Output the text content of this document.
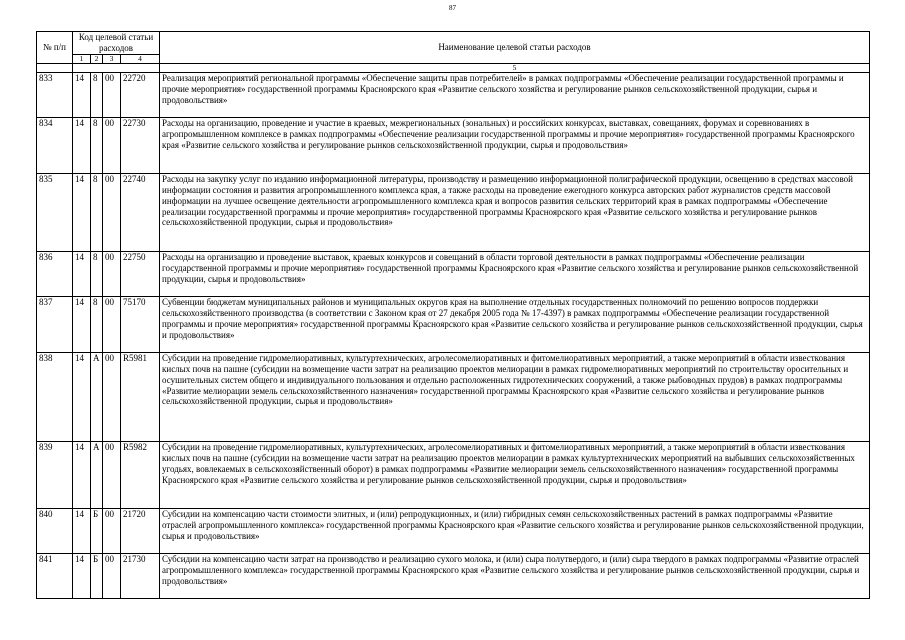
87
№ п/п	Код целевой статьи расходов				Наименование целевой статьи расходов
	1	2	3	4	
					5
833	14	8	00	22720	Реализация мероприятий региональной программы «Обеспечение защиты прав потребителей» в рамках подпрограммы «Обеспечение реализации государственной программы и прочие мероприятия» государственной программы Красноярского края «Развитие сельского хозяйства и регулирование рынков сельскохозяйственной продукции, сырья и продовольствия»
834	14	8	00	22730	Расходы на организацию, проведение и участие в краевых, межрегиональных (зональных) и российских конкурсах, выставках, совещаниях, форумах и соревнованиях в агропромышленном комплексе в рамках подпрограммы «Обеспечение реализации государственной программы и прочие мероприятия» государственной программы Красноярского края «Развитие сельского хозяйства и регулирование рынков сельскохозяйственной продукции, сырья и продовольствия»
835	14	8	00	22740	Расходы на закупку услуг по изданию информационной литературы, производству и размещению информационной полиграфической продукции, освещению в средствах массовой информации состояния и развития агропромышленного комплекса края, а также расходы на проведение ежегодного конкурса авторских работ журналистов средств массовой информации на лучшее освещение деятельности агропромышленного комплекса края и вопросов развития сельских территорий края в рамках подпрограммы «Обеспечение реализации государственной программы и прочие мероприятия» государственной программы Красноярского края «Развитие сельского хозяйства и регулирование рынков сельскохозяйственной продукции, сырья и продовольствия»
836	14	8	00	22750	Расходы на организацию и проведение выставок, краевых конкурсов и совещаний в области торговой деятельности в рамках подпрограммы «Обеспечение реализации государственной программы и прочие мероприятия» государственной программы Красноярского края «Развитие сельского хозяйства и регулирование рынков сельскохозяйственной продукции, сырья и продовольствия»
837	14	8	00	75170	Субвенции бюджетам муниципальных районов и муниципальных округов края на выполнение отдельных государственных полномочий по решению вопросов поддержки сельскохозяйственного производства (в соответствии с Законом края от 27 декабря 2005 года № 17-4397) в рамках подпрограммы «Обеспечение реализации государственной программы и прочие мероприятия» государственной программы Красноярского края «Развитие сельского хозяйства и регулирование рынков сельскохозяйственной продукции, сырья и продовольствия»
838	14	А	00	R5981	Субсидии на проведение гидромелиоративных, культуртехнических, агролесомелиоративных и фитомелиоративных мероприятий, а также мероприятий в области известкования кислых почв на пашне (субсидии на возмещение части затрат на реализацию проектов мелиорации в рамках гидромелиоративных мероприятий по строительству оросительных и осушительных систем общего и индивидуального пользования и отдельно расположенных гидротехнических сооружений, а также рыбоводных прудов) в рамках подпрограммы «Развитие мелиорации земель сельскохозяйственного назначения» государственной программы Красноярского края «Развитие сельского хозяйства и регулирование рынков сельскохозяйственной продукции, сырья и продовольствия»
839	14	А	00	R5982	Субсидии на проведение гидромелиоративных, культуртехнических, агролесомелиоративных и фитомелиоративных мероприятий, а также мероприятий в области известкования кислых почв на пашне (субсидии на возмещение части затрат на реализацию проектов мелиорации в рамках культуртехнических мероприятий на выбывших сельскохозяйственных угодьях, вовлекаемых в сельскохозяйственный оборот) в рамках подпрограммы «Развитие мелиорации земель сельскохозяйственного назначения» государственной программы Красноярского края «Развитие сельского хозяйства и регулирование рынков сельскохозяйственной продукции, сырья и продовольствия»
840	14	Б	00	21720	Субсидии на компенсацию части стоимости элитных, и (или) репродукционных, и (или) гибридных семян сельскохозяйственных растений в рамках подпрограммы «Развитие отраслей агропромышленного комплекса» государственной программы Красноярского края «Развитие сельского хозяйства и регулирование рынков сельскохозяйственной продукции, сырья и продовольствия»
841	14	Б	00	21730	Субсидии на компенсацию части затрат на производство и реализацию сухого молока, и (или) сыра полутвердого, и (или) сыра твердого в рамках подпрограммы «Развитие отраслей агропромышленного комплекса» государственной программы Красноярского края «Развитие сельского хозяйства и регулирование рынков сельскохозяйственной продукции, сырья и продовольствия»
